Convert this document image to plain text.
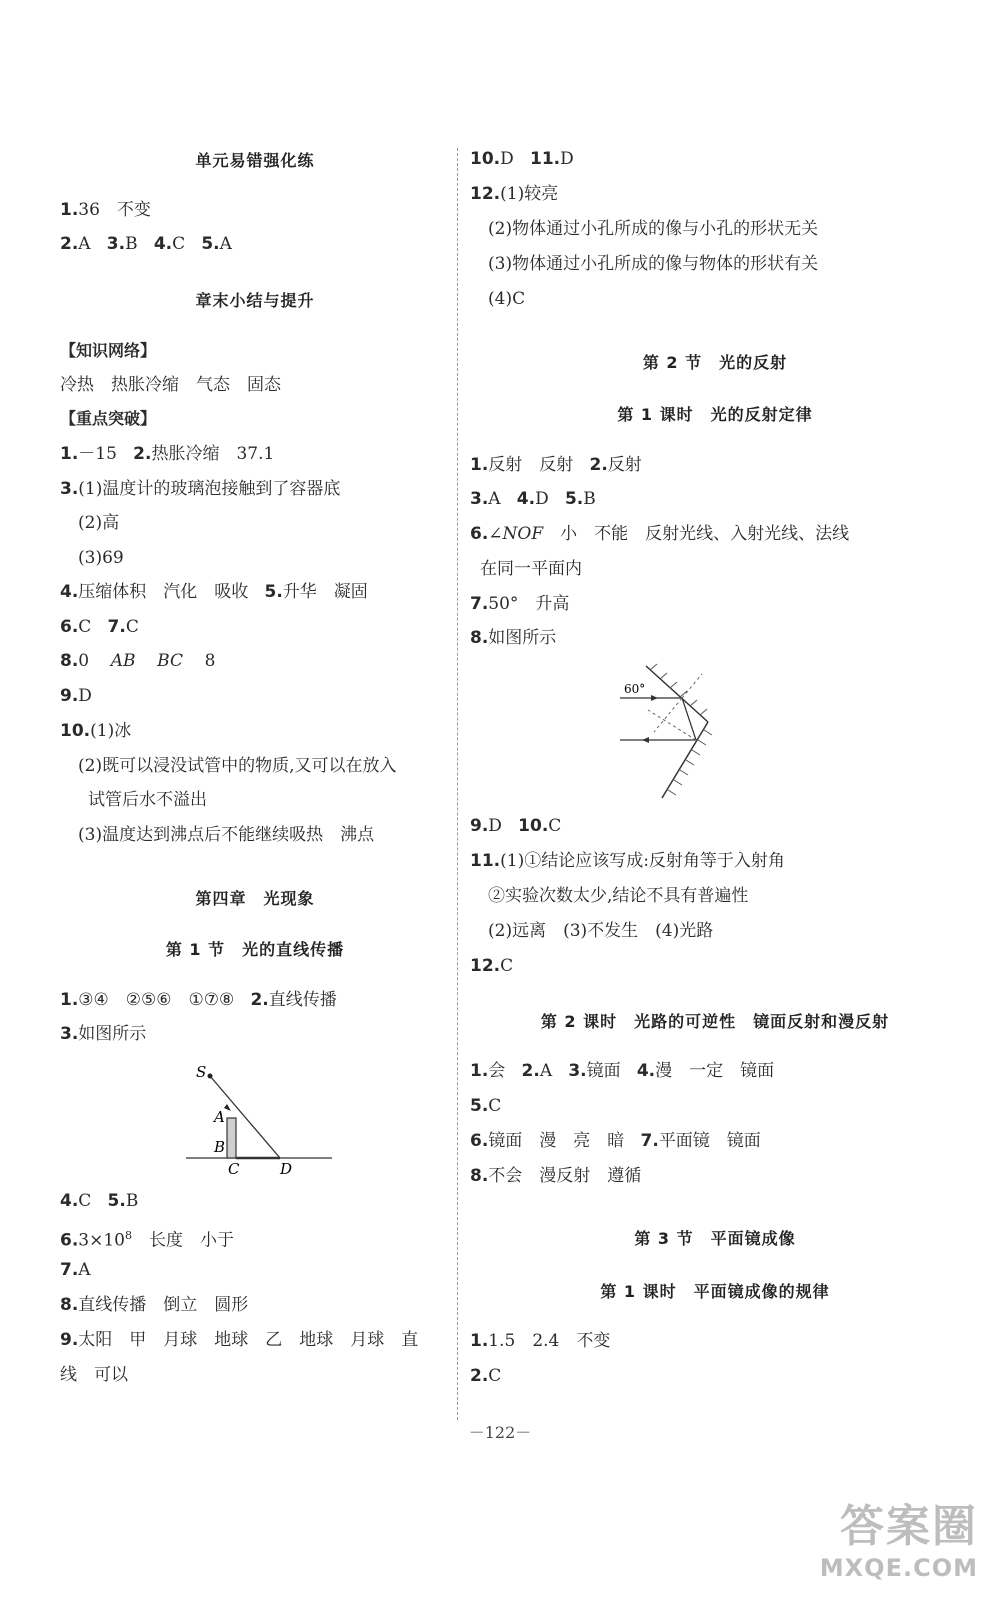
单元易错强化练
1.36　不变
2.A 3.B 4.C 5.A
章末小结与提升
【知识网络】
冷热　热胀冷缩　气态　固态
【重点突破】
1.－15 2.热胀冷缩　37.1
3.(1)温度计的玻璃泡接触到了容器底
(2)高
(3)69
4.压缩体积　汽化　吸收 5.升华　凝固
6.C 7.C
8.0 AB BC 8
9.D
10.(1)冰
(2)既可以浸没试管中的物质,又可以在放入
试管后水不溢出
(3)温度达到沸点后不能继续吸热　沸点
第四章　光现象
第 1 节　光的直线传播
1.③④　②⑤⑥　①⑦⑧ 2.直线传播
3.如图所示
S
A
B
C	D
4.C 5.B
$6.3\times 10^8$　长度　小于
7.A
8.直线传播　倒立　圆形
9.太阳　甲　月球　地球　乙　地球　月球　直
线　可以
10.D 11.D
12.(1)较亮
(2)物体通过小孔所成的像与小孔的形状无关
(3)物体通过小孔所成的像与物体的形状有关
(4)C
第 2 节　光的反射
第 1 课时　光的反射定律
1.反射　反射 2.反射
3.A 4.D 5.B
6.∠NOF　小　不能　反射光线、入射光线、法线
在同一平面内
7.50°　升高
8.如图所示
60°
9.D 10.C
11.(1)①结论应该写成:反射角等于入射角
②实验次数太少,结论不具有普遍性
(2)远离　(3)不发生　(4)光路
12.C
第 2 课时　光路的可逆性　镜面反射和漫反射
1.会 2.A 3.镜面 4.漫　一定　镜面
5.C
6.镜面　漫　亮　暗 7.平面镜　镜面
8.不会　漫反射　遵循
第 3 节　平面镜成像
第 1 课时　平面镜成像的规律
1.1.5　2.4　不变
2.C
－122－
答案圈
MXQE.COM
